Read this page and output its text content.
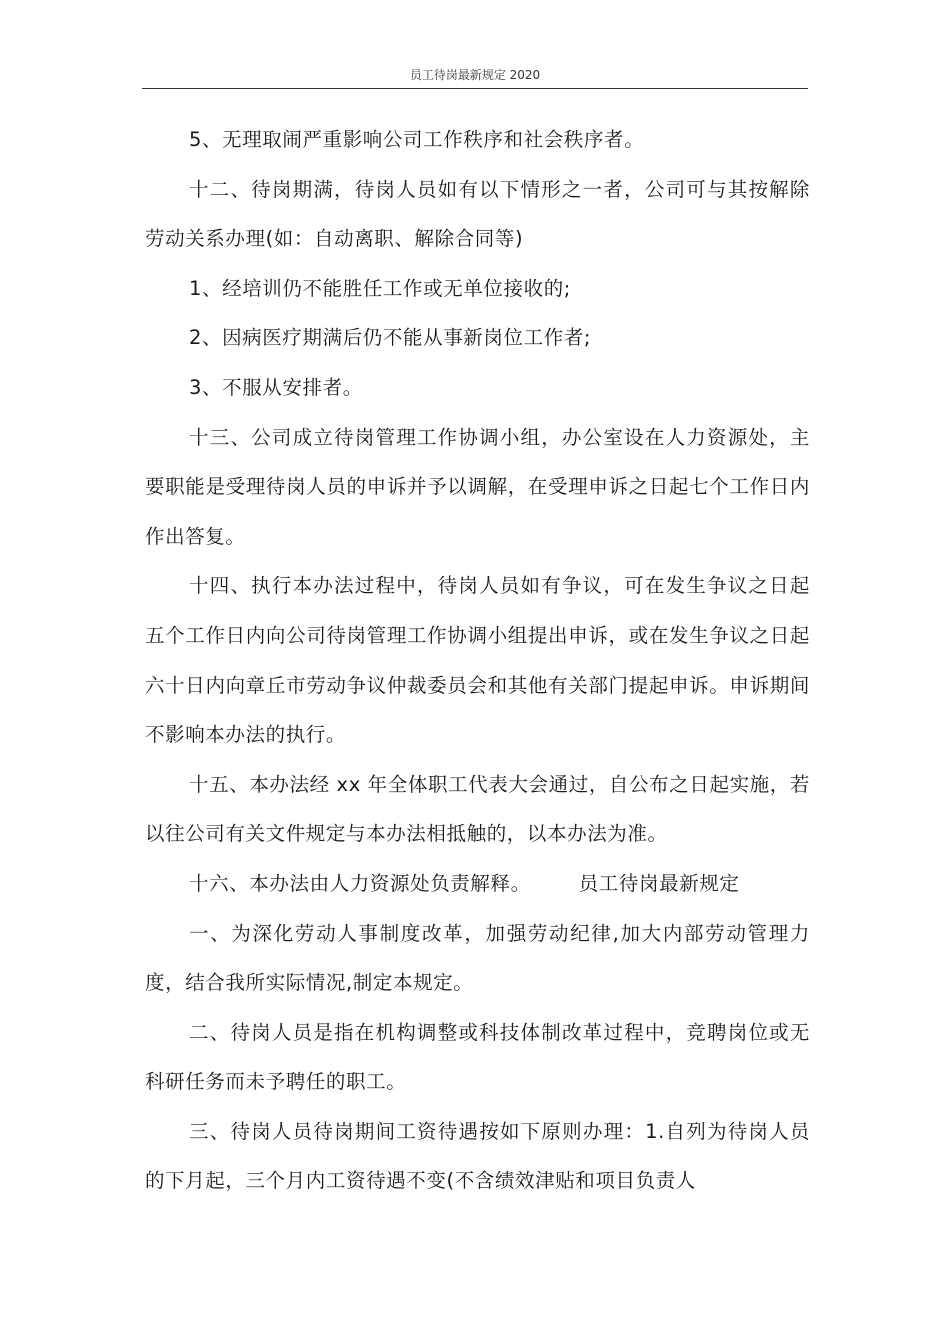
员工待岗最新规定 2020

5、无理取闹严重影响公司工作秩序和社会秩序者。

十二、待岗期满，待岗人员如有以下情形之一者，公司可与其按解除劳动关系办理(如：自动离职、解除合同等)

1、经培训仍不能胜任工作或无单位接收的;

2、因病医疗期满后仍不能从事新岗位工作者;

3、不服从安排者。

十三、公司成立待岗管理工作协调小组，办公室设在人力资源处，主要职能是受理待岗人员的申诉并予以调解，在受理申诉之日起七个工作日内作出答复。

十四、执行本办法过程中，待岗人员如有争议，可在发生争议之日起五个工作日内向公司待岗管理工作协调小组提出申诉，或在发生争议之日起六十日内向章丘市劳动争议仲裁委员会和其他有关部门提起申诉。申诉期间不影响本办法的执行。

十五、本办法经 xx 年全体职工代表大会通过，自公布之日起实施，若以往公司有关文件规定与本办法相抵触的，以本办法为准。

十六、本办法由人力资源处负责解释。 员工待岗最新规定

一、为深化劳动人事制度改革，加强劳动纪律,加大内部劳动管理力度，结合我所实际情况,制定本规定。

二、待岗人员是指在机构调整或科技体制改革过程中，竞聘岗位或无科研任务而未予聘任的职工。

三、待岗人员待岗期间工资待遇按如下原则办理：1.自列为待岗人员的下月起，三个月内工资待遇不变(不含绩效津贴和项目负责人
